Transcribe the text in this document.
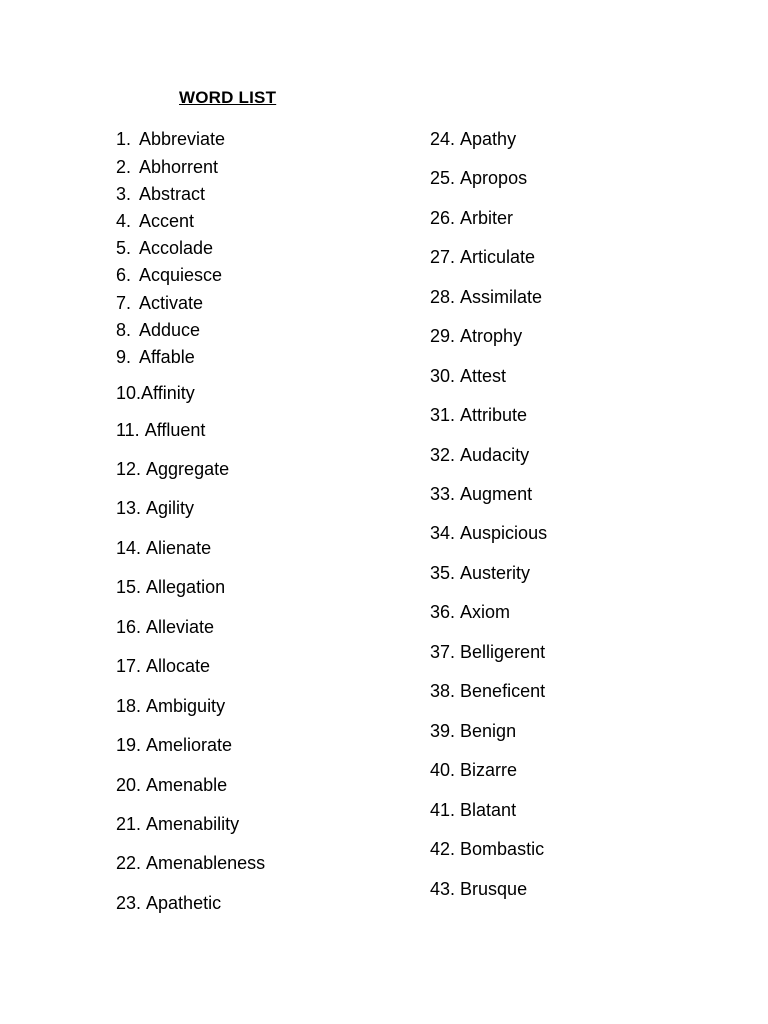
WORD LIST
1. Abbreviate
2. Abhorrent
3. Abstract
4. Accent
5. Accolade
6. Acquiesce
7. Activate
8. Adduce
9. Affable
10.Affinity
11. Affluent
12. Aggregate
13. Agility
14. Alienate
15. Allegation
16. Alleviate
17. Allocate
18. Ambiguity
19. Ameliorate
20. Amenable
21. Amenability
22. Amenableness
23. Apathetic
24. Apathy
25. Apropos
26. Arbiter
27. Articulate
28. Assimilate
29. Atrophy
30. Attest
31. Attribute
32. Audacity
33. Augment
34. Auspicious
35. Austerity
36. Axiom
37. Belligerent
38. Beneficent
39. Benign
40. Bizarre
41. Blatant
42. Bombastic
43. Brusque
